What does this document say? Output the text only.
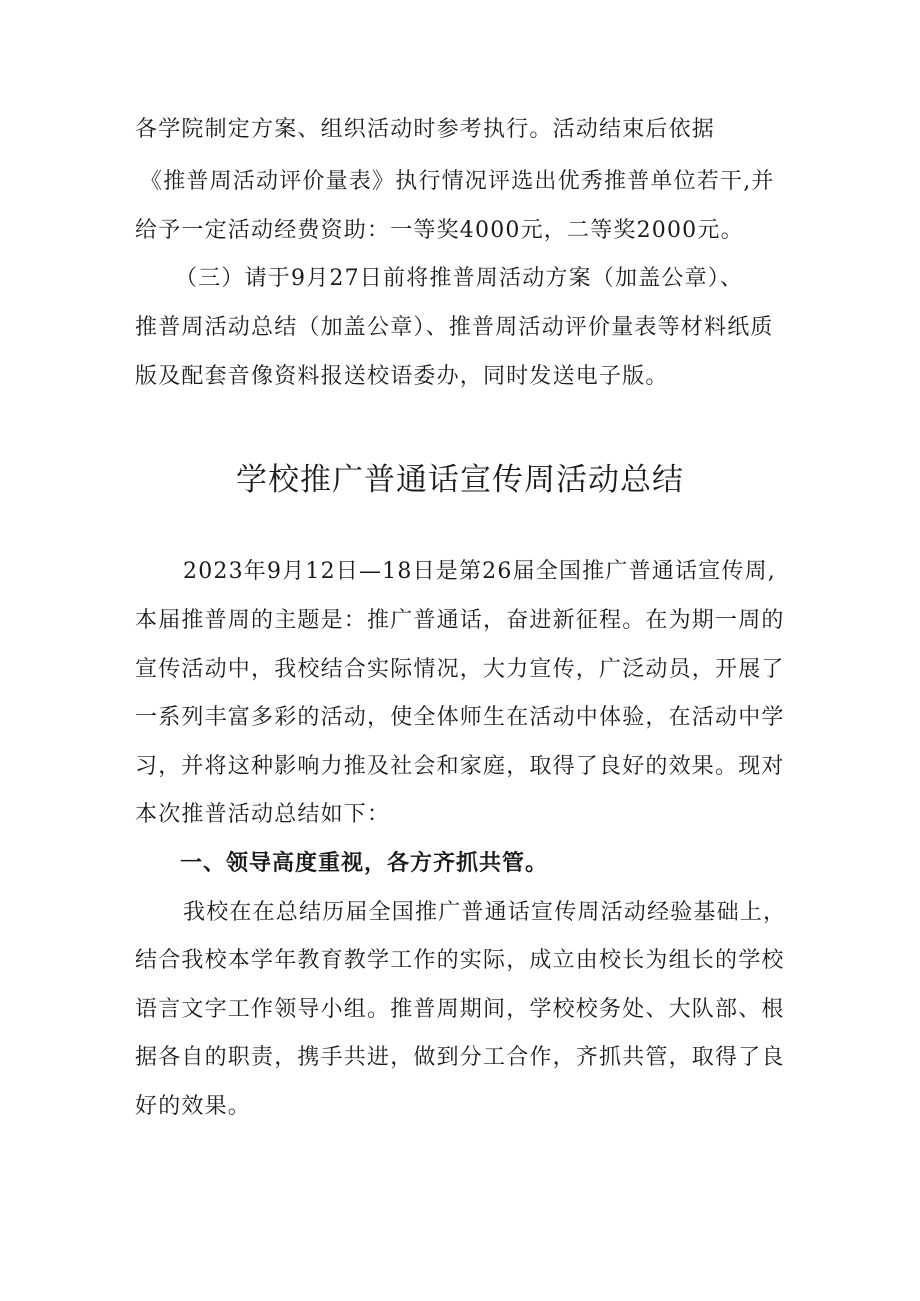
各学院制定方案、组织活动时参考执行。活动结束后依据
《推普周活动评价量表》执行情况评选出优秀推普单位若干,并
给予一定活动经费资助：一等奖4000元，二等奖2000元。
（三）请于9月27日前将推普周活动方案（加盖公章）、
推普周活动总结（加盖公章）、推普周活动评价量表等材料纸质
版及配套音像资料报送校语委办，同时发送电子版。
学校推广普通话宣传周活动总结
2023年9月12日—18日是第26届全国推广普通话宣传周,
本届推普周的主题是：推广普通话，奋进新征程。在为期一周的
宣传活动中，我校结合实际情况，大力宣传，广泛动员，开展了
一系列丰富多彩的活动，使全体师生在活动中体验，在活动中学
习，并将这种影响力推及社会和家庭，取得了良好的效果。现对
本次推普活动总结如下：
一、领导高度重视，各方齐抓共管。
我校在在总结历届全国推广普通话宣传周活动经验基础上，
结合我校本学年教育教学工作的实际，成立由校长为组长的学校
语言文字工作领导小组。推普周期间，学校校务处、大队部、根
据各自的职责，携手共进，做到分工合作，齐抓共管，取得了良
好的效果。
